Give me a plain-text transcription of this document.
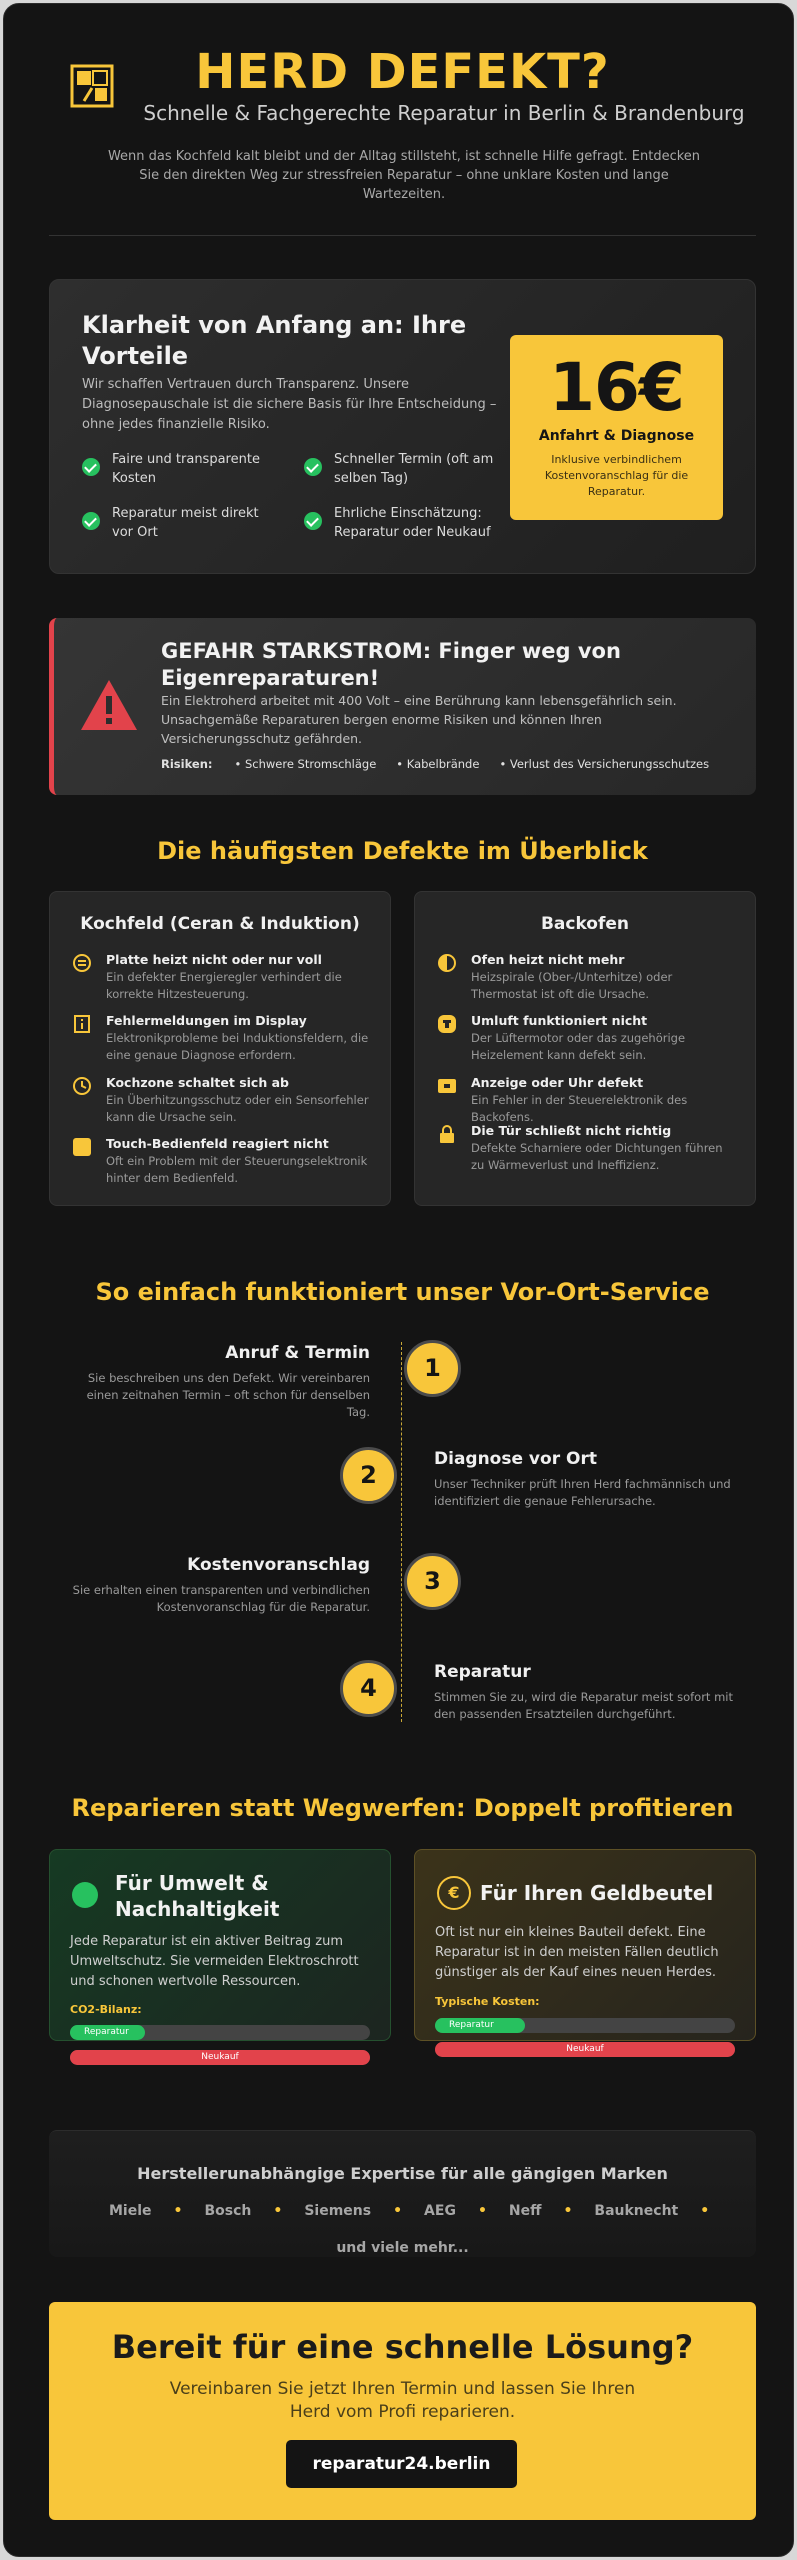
HERD DEFEKT?
Schnelle & Fachgerechte Reparatur in Berlin & Brandenburg
Wenn das Kochfeld kalt bleibt und der Alltag stillsteht, ist schnelle Hilfe gefragt. Entdecken Sie den direkten Weg zur stressfreien Reparatur – ohne unklare Kosten und lange Wartezeiten.
Klarheit von Anfang an: Ihre Vorteile

Wir schaffen Vertrauen durch Transparenz. Unsere Diagnosepauschale ist die sichere Basis für Ihre Entscheidung – ohne jedes finanzielle Risiko.

Faire und transparente Kosten
Schneller Termin (oft am selben Tag)
Reparatur meist direkt vor Ort
Ehrliche Einschätzung: Reparatur oder Neukauf
16€
Anfahrt & Diagnose
Inklusive verbindlichem Kostenvoranschlag für die Reparatur.
GEFAHR STARKSTROM: Finger weg von Eigenreparaturen!

Ein Elektroherd arbeitet mit 400 Volt – eine Berührung kann lebensgefährlich sein. Unsachgemäße Reparaturen bergen enorme Risiken und können Ihren Versicherungsschutz gefährden.

Risiken: • Schwere Stromschläge • Kabelbrände • Verlust des Versicherungsschutzes
Die häufigsten Defekte im Überblick
Kochfeld (Ceran & Induktion)
Platte heizt nicht oder nur voll
Ein defekter Energieregler verhindert die korrekte Hitzesteuerung.
Fehlermeldungen im Display
Elektronikprobleme bei Induktionsfeldern, die eine genaue Diagnose erfordern.
Kochzone schaltet sich ab
Ein Überhitzungsschutz oder ein Sensorfehler kann die Ursache sein.
Touch-Bedienfeld reagiert nicht
Oft ein Problem mit der Steuerungselektronik hinter dem Bedienfeld.
Backofen
Ofen heizt nicht mehr
Heizspirale (Ober-/Unterhitze) oder Thermostat ist oft die Ursache.
Umluft funktioniert nicht
Der Lüftermotor oder das zugehörige Heizelement kann defekt sein.
Anzeige oder Uhr defekt
Ein Fehler in der Steuerelektronik des Backofens.
Die Tür schließt nicht richtig
Defekte Scharniere oder Dichtungen führen zu Wärmeverlust und Ineffizienz.
So einfach funktioniert unser Vor-Ort-Service
Anruf & Termin
Sie beschreiben uns den Defekt. Wir vereinbaren einen zeitnahen Termin – oft schon für denselben Tag.
1
2
Diagnose vor Ort
Unser Techniker prüft Ihren Herd fachmännisch und identifiziert die genaue Fehlerursache.
Kostenvoranschlag
Sie erhalten einen transparenten und verbindlichen Kostenvoranschlag für die Reparatur.
3
4
Reparatur
Stimmen Sie zu, wird die Reparatur meist sofort mit den passenden Ersatzteilen durchgeführt.
Reparieren statt Wegwerfen: Doppelt profitieren
Für Umwelt & Nachhaltigkeit

Jede Reparatur ist ein aktiver Beitrag zum Umweltschutz. Sie vermeiden Elektroschrott und schonen wertvolle Ressourcen.

CO2-Bilanz:
Reparatur
Neukauf
€	Für Ihren Geldbeutel

Oft ist nur ein kleines Bauteil defekt. Eine Reparatur ist in den meisten Fällen deutlich günstiger als der Kauf eines neuen Herdes.

Typische Kosten:
Reparatur
Neukauf
Herstellerunabhängige Expertise für alle gängigen Marken
Miele • Bosch • Siemens • AEG • Neff • Bauknecht •
und viele mehr...
Bereit für eine schnelle Lösung?

Vereinbaren Sie jetzt Ihren Termin und lassen Sie Ihren Herd vom Profi reparieren.

reparatur24.berlin
